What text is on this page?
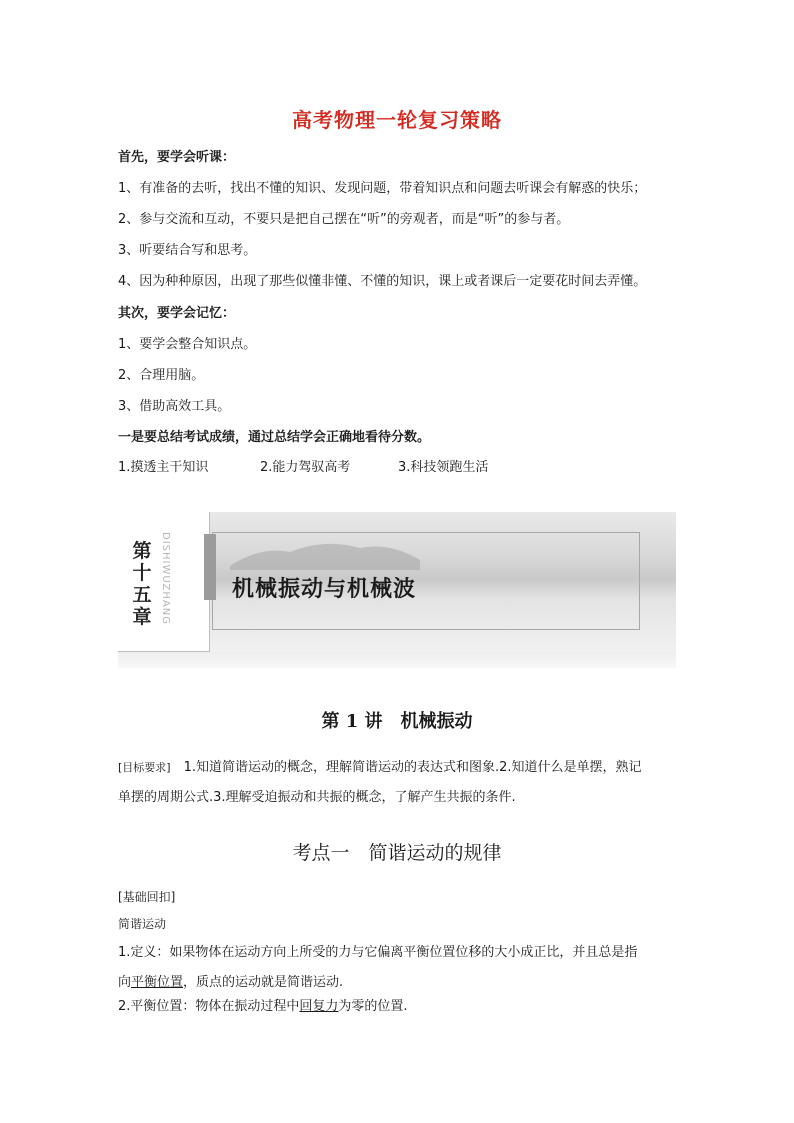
高考物理一轮复习策略
首先，要学会听课：
1、有准备的去听，找出不懂的知识、发现问题，带着知识点和问题去听课会有解惑的快乐；
2、参与交流和互动，不要只是把自己摆在“听”的旁观者，而是“听”的参与者。
3、听要结合写和思考。
4、因为种种原因，出现了那些似懂非懂、不懂的知识，课上或者课后一定要花时间去弄懂。
其次，要学会记忆：
1、要学会整合知识点。
2、合理用脑。
3、借助高效工具。
一是要总结考试成绩，通过总结学会正确地看待分数。
1.摸透主干知识	2.能力驾驭高考	3.科技领跑生活
第
十
五
章 DISHIWUZHANG	机械振动与机械波
第 1 讲　机械振动
[目标要求]　1.知道简谐运动的概念，理解简谐运动的表达式和图象.2.知道什么是单摆，熟记
单摆的周期公式.3.理解受迫振动和共振的概念，了解产生共振的条件.
考点一　简谐运动的规律
[基础回扣]
简谐运动
1.定义：如果物体在运动方向上所受的力与它偏离平衡位置位移的大小成正比，并且总是指
向平衡位置，质点的运动就是简谐运动.
2.平衡位置：物体在振动过程中回复力为零的位置.
